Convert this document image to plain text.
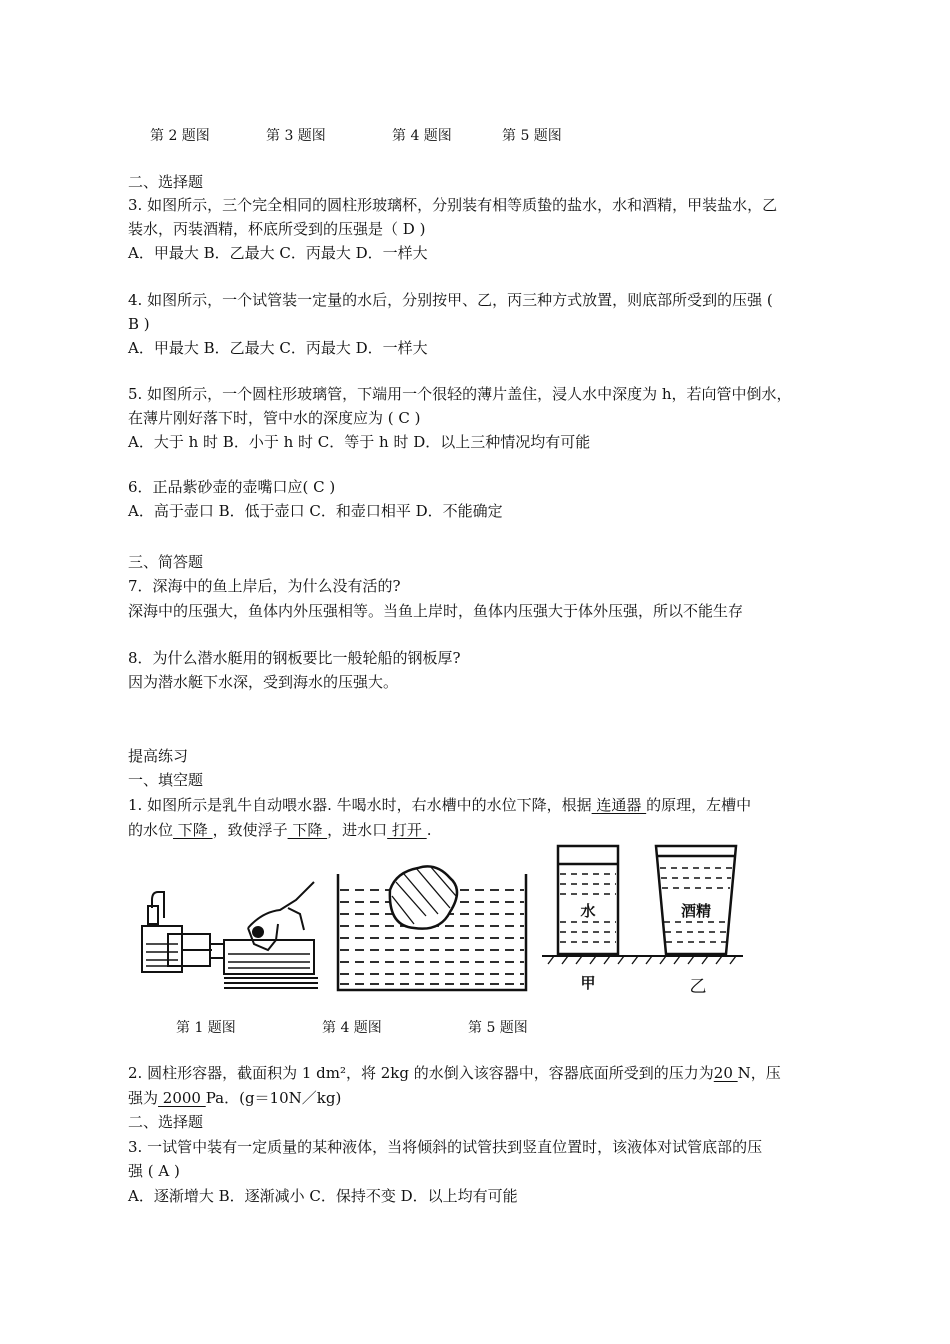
第 2 题图	第 3 题图	第 4 题图	第 5 题图
二、选择题
3. 如图所示，三个完全相同的圆柱形玻璃杯，分别装有相等质蛰的盐水，水和酒精，甲装盐水，乙
装水，丙装酒精，杯底所受到的压强是（ D )
A．甲最大 B．乙最大 C．丙最大 D．一样大
4. 如图所示，一个试管装一定量的水后，分别按甲、乙，丙三种方式放置，则底部所受到的压强 (
B )
A．甲最大 B．乙最大 C．丙最大 D．一样大
5. 如图所示，一个圆柱形玻璃管，下端用一个很轻的薄片盖住，浸人水中深度为 h，若向管中倒水，
在薄片刚好落下时，管中水的深度应为 ( C )
A．大于 h 时 B．小于 h 时 C．等于 h 时 D．以上三种情况均有可能
6．正品紫砂壶的壶嘴口应( C )
A．高于壶口 B．低于壶口 C．和壶口相平 D．不能确定
三、简答题
7．深海中的鱼上岸后，为什么没有活的?
深海中的压强大，鱼体内外压强相等。当鱼上岸时，鱼体内压强大于体外压强，所以不能生存
8．为什么潜水艇用的钢板要比一般轮船的钢板厚?
因为潜水艇下水深，受到海水的压强大。
提高练习
一、填空题
1. 如图所示是乳牛自动喂水器. 牛喝水时，右水槽中的水位下降，根据 连通器 的原理，左槽中
的水位 下降 ，致使浮子 下降 ，进水口 打开 .
水	酒精
甲	乙
第 1 题图	第 4 题图	第 5 题图
2. 圆柱形容器，截面积为 1 dm²，将 2kg 的水倒入该容器中，容器底面所受到的压力为20 N，压
强为 2000 Pa．(g＝10N／kg)
二、选择题
3. 一试管中装有一定质量的某种液体，当将倾斜的试管扶到竖直位置时，该液体对试管底部的压
强 ( A )
A．逐渐增大 B．逐渐减小 C．保持不变 D．以上均有可能
